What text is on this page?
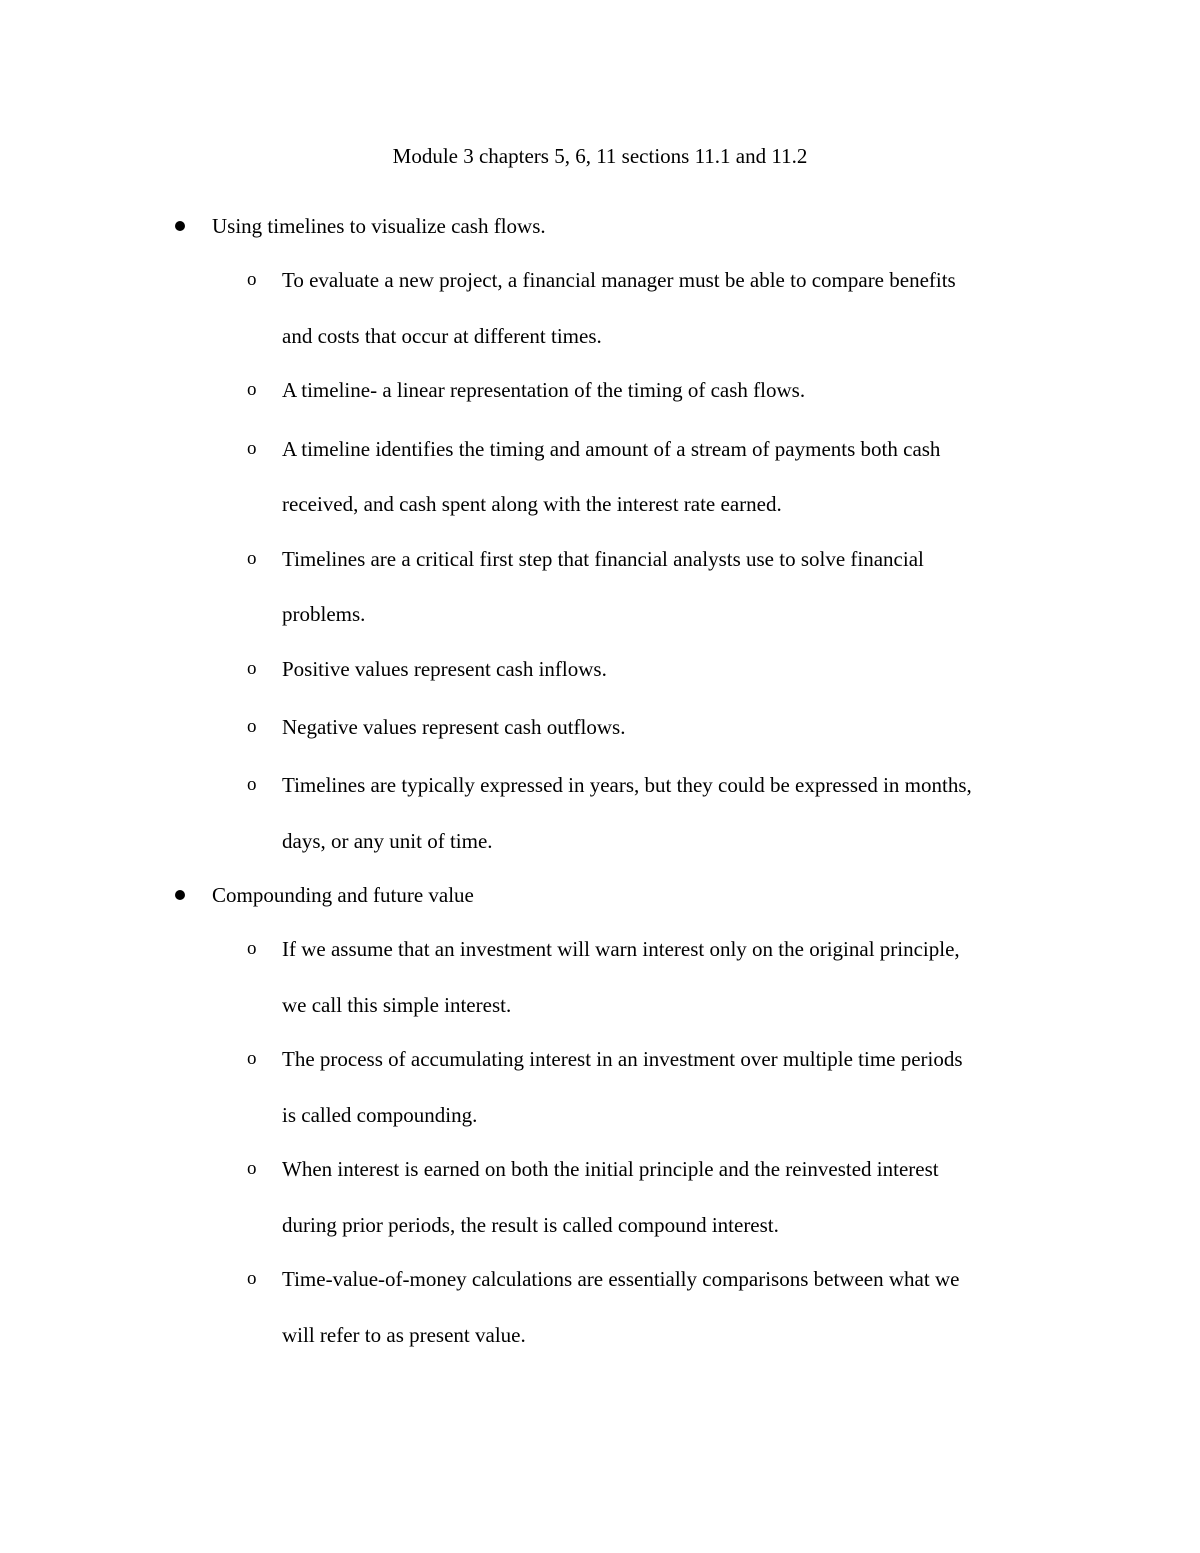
Module 3 chapters 5, 6, 11 sections 11.1 and 11.2
Using timelines to visualize cash flows.
o To evaluate a new project, a financial manager must be able to compare benefits
and costs that occur at different times.
o A timeline- a linear representation of the timing of cash flows.
o A timeline identifies the timing and amount of a stream of payments both cash
received, and cash spent along with the interest rate earned.
o Timelines are a critical first step that financial analysts use to solve financial
problems.
o Positive values represent cash inflows.
o Negative values represent cash outflows.
o Timelines are typically expressed in years, but they could be expressed in months,
days, or any unit of time.
Compounding and future value
o If we assume that an investment will warn interest only on the original principle,
we call this simple interest.
o The process of accumulating interest in an investment over multiple time periods
is called compounding.
o When interest is earned on both the initial principle and the reinvested interest
during prior periods, the result is called compound interest.
o Time-value-of-money calculations are essentially comparisons between what we
will refer to as present value.
